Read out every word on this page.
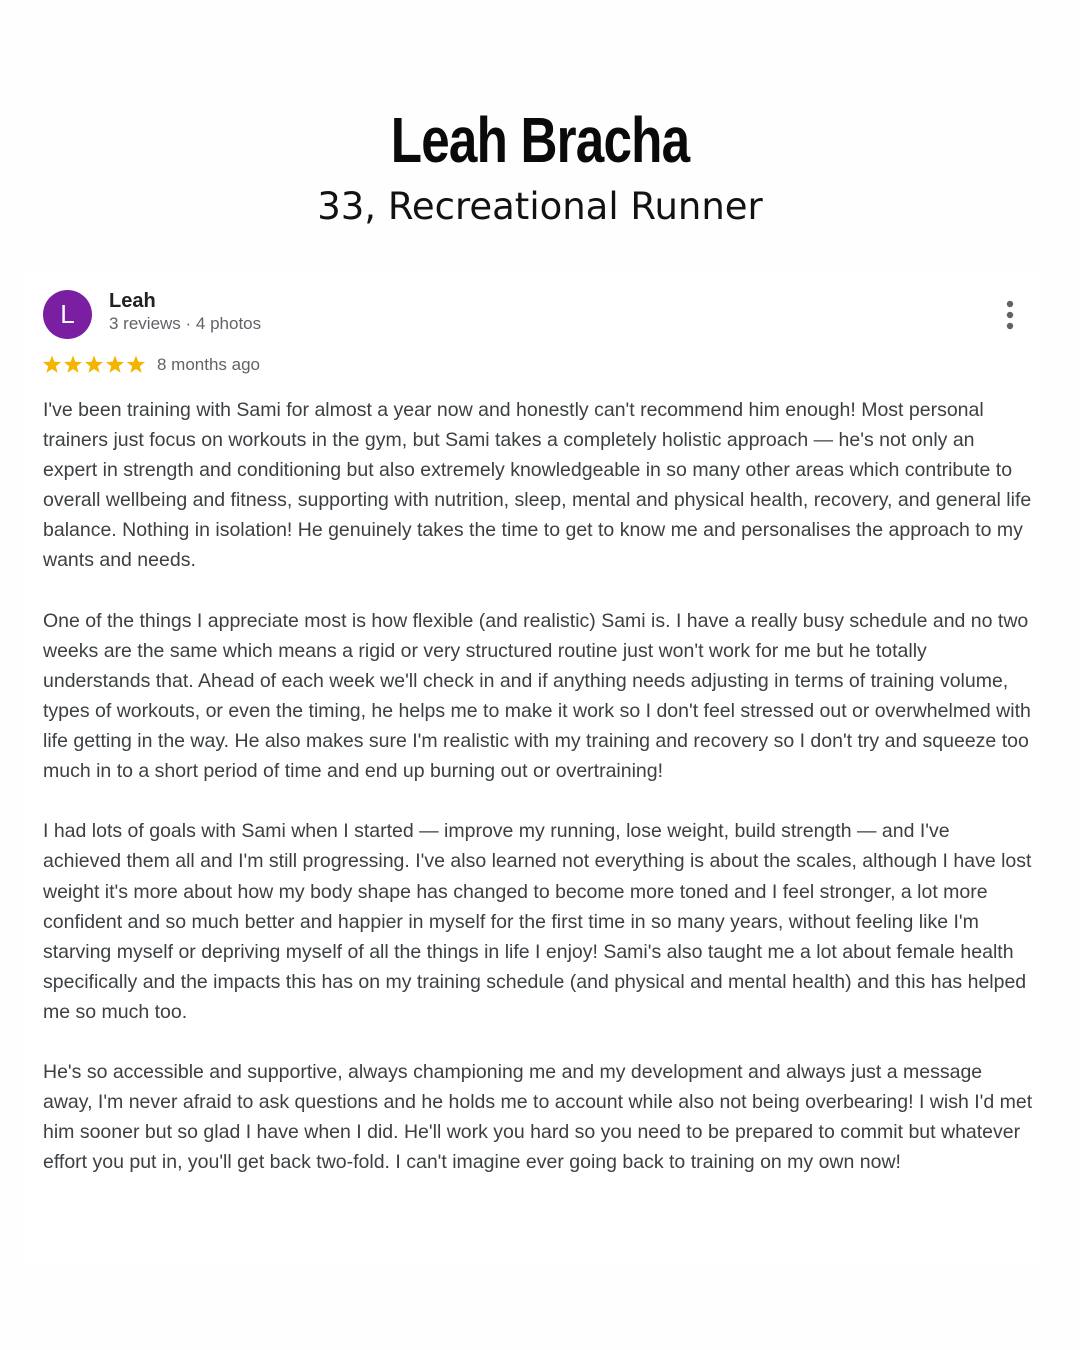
Leah Bracha
33, Recreational Runner
L	Leah
3 reviews · 4 photos
8 months ago

I've been training with Sami for almost a year now and honestly can't recommend him enough! Most personal trainers just focus on workouts in the gym, but Sami takes a completely holistic approach — he's not only an expert in strength and conditioning but also extremely knowledgeable in so many other areas which contribute to overall wellbeing and fitness, supporting with nutrition, sleep, mental and physical health, recovery, and general life balance. Nothing in isolation! He genuinely takes the time to get to know me and personalises the approach to my wants and needs.

One of the things I appreciate most is how flexible (and realistic) Sami is. I have a really busy schedule and no two weeks are the same which means a rigid or very structured routine just won't work for me but he totally understands that. Ahead of each week we'll check in and if anything needs adjusting in terms of training volume, types of workouts, or even the timing, he helps me to make it work so I don't feel stressed out or overwhelmed with life getting in the way. He also makes sure I'm realistic with my training and recovery so I don't try and squeeze too much in to a short period of time and end up burning out or overtraining!

I had lots of goals with Sami when I started — improve my running, lose weight, build strength — and I've achieved them all and I'm still progressing. I've also learned not everything is about the scales, although I have lost weight it's more about how my body shape has changed to become more toned and I feel stronger, a lot more confident and so much better and happier in myself for the first time in so many years, without feeling like I'm starving myself or depriving myself of all the things in life I enjoy! Sami's also taught me a lot about female health specifically and the impacts this has on my training schedule (and physical and mental health) and this has helped me so much too.

He's so accessible and supportive, always championing me and my development and always just a message away, I'm never afraid to ask questions and he holds me to account while also not being overbearing! I wish I'd met him sooner but so glad I have when I did. He'll work you hard so you need to be prepared to commit but whatever effort you put in, you'll get back two-fold. I can't imagine ever going back to training on my own now!
